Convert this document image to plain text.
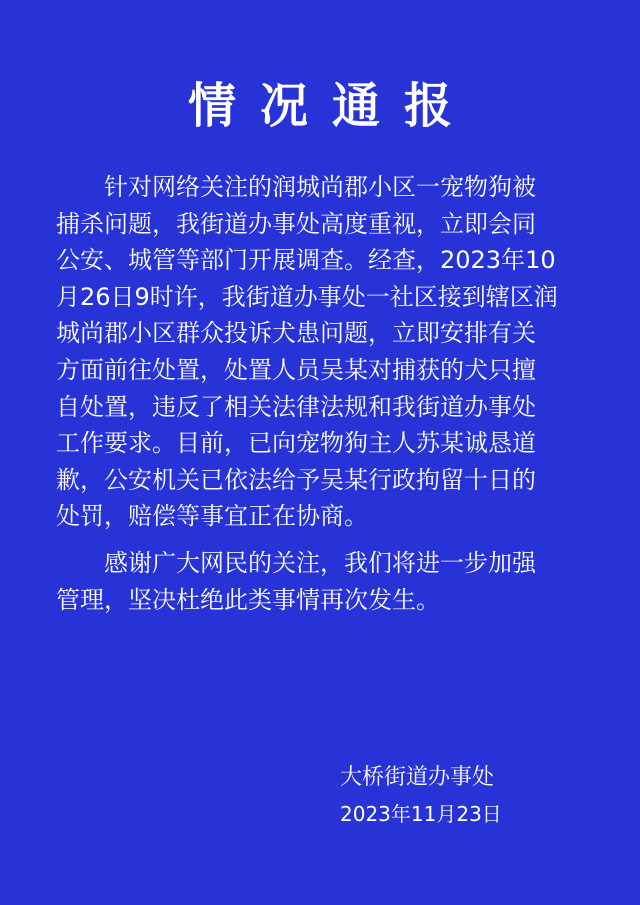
情况通报
针对网络关注的润城尚郡小区一宠物狗被
捕杀问题，我街道办事处高度重视，立即会同
公安、城管等部门开展调查。经查，2023年10
月26日9时许，我街道办事处一社区接到辖区润
城尚郡小区群众投诉犬患问题，立即安排有关
方面前往处置，处置人员吴某对捕获的犬只擅
自处置，违反了相关法律法规和我街道办事处
工作要求。目前，已向宠物狗主人苏某诚恳道
歉，公安机关已依法给予吴某行政拘留十日的
处罚，赔偿等事宜正在协商。
感谢广大网民的关注，我们将进一步加强
管理，坚决杜绝此类事情再次发生。
大桥街道办事处
2023年11月23日
